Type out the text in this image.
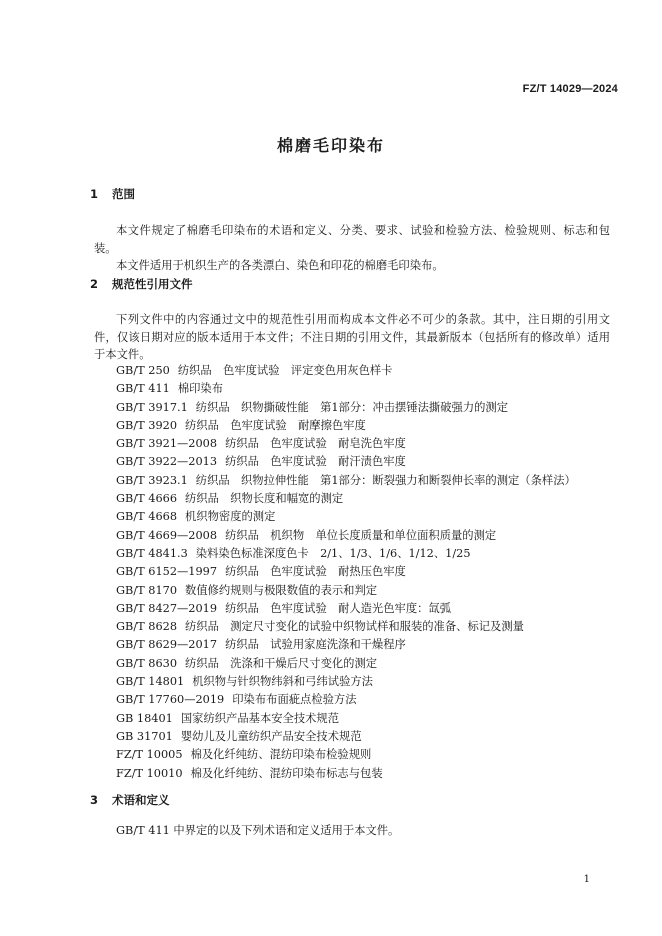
FZ/T 14029—2024
棉磨毛印染布
1 范围

本文件规定了棉磨毛印染布的术语和定义、分类、要求、试验和检验方法、检验规则、标志和包装。

本文件适用于机织生产的各类漂白、染色和印花的棉磨毛印染布。

2 规范性引用文件

下列文件中的内容通过文中的规范性引用而构成本文件必不可少的条款。其中，注日期的引用文件，仅该日期对应的版本适用于本文件；不注日期的引用文件，其最新版本（包括所有的修改单）适用于本文件。

GB/T 250 纺织品　色牢度试验　评定变色用灰色样卡
GB/T 411 棉印染布
GB/T 3917.1 纺织品　织物撕破性能　第1部分：冲击摆锤法撕破强力的测定
GB/T 3920 纺织品　色牢度试验　耐摩擦色牢度
GB/T 3921—2008 纺织品　色牢度试验　耐皂洗色牢度
GB/T 3922—2013 纺织品　色牢度试验　耐汗渍色牢度
GB/T 3923.1 纺织品　织物拉伸性能　第1部分：断裂强力和断裂伸长率的测定（条样法）
GB/T 4666 纺织品　织物长度和幅宽的测定
GB/T 4668 机织物密度的测定
GB/T 4669—2008 纺织品　机织物　单位长度质量和单位面积质量的测定
GB/T 4841.3 染料染色标准深度色卡　2/1、1/3、1/6、1/12、1/25
GB/T 6152—1997 纺织品　色牢度试验　耐热压色牢度
GB/T 8170 数值修约规则与极限数值的表示和判定
GB/T 8427—2019 纺织品　色牢度试验　耐人造光色牢度：氙弧
GB/T 8628 纺织品　测定尺寸变化的试验中织物试样和服装的准备、标记及测量
GB/T 8629—2017 纺织品　试验用家庭洗涤和干燥程序
GB/T 8630 纺织品　洗涤和干燥后尺寸变化的测定
GB/T 14801 机织物与针织物纬斜和弓纬试验方法
GB/T 17760—2019 印染布布面疵点检验方法
GB 18401 国家纺织产品基本安全技术规范
GB 31701 婴幼儿及儿童纺织产品安全技术规范
FZ/T 10005 棉及化纤纯纺、混纺印染布检验规则
FZ/T 10010 棉及化纤纯纺、混纺印染布标志与包装
3 术语和定义

GB/T 411 中界定的以及下列术语和定义适用于本文件。

1
